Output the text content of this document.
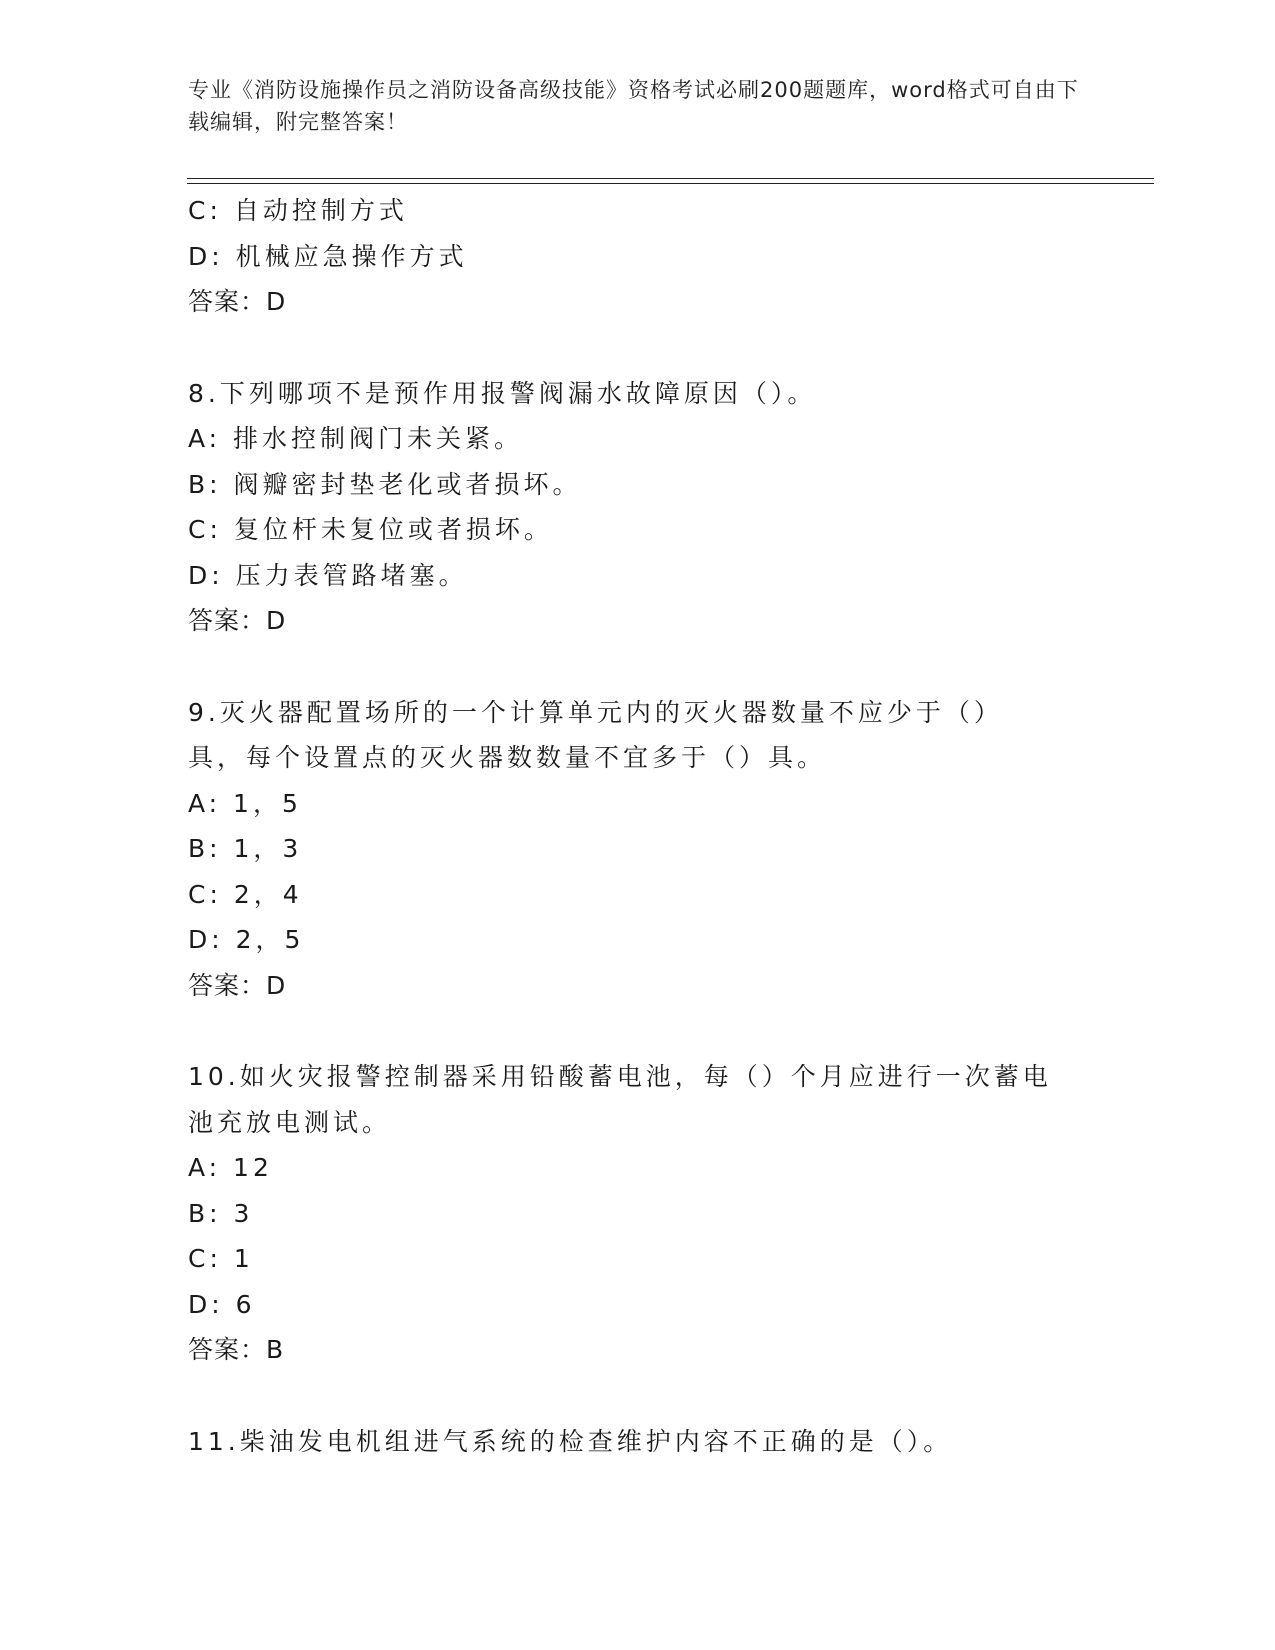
专业《消防设施操作员之消防设备高级技能》资格考试必刷200题题库，word格式可自由下载编辑，附完整答案！
C: 自动控制方式
D: 机械应急操作方式
答案：D
8.下列哪项不是预作用报警阀漏水故障原因（）。
A: 排水控制阀门未关紧。
B: 阀瓣密封垫老化或者损坏。
C: 复位杆未复位或者损坏。
D: 压力表管路堵塞。
答案：D
9.灭火器配置场所的一个计算单元内的灭火器数量不应少于（）具，每个设置点的灭火器数数量不宜多于（）具。
A: 1，5
B: 1，3
C: 2，4
D: 2，5
答案：D
10.如火灾报警控制器采用铅酸蓄电池，每（）个月应进行一次蓄电池充放电测试。
A: 12
B: 3
C: 1
D: 6
答案：B
11.柴油发电机组进气系统的检查维护内容不正确的是（）。
